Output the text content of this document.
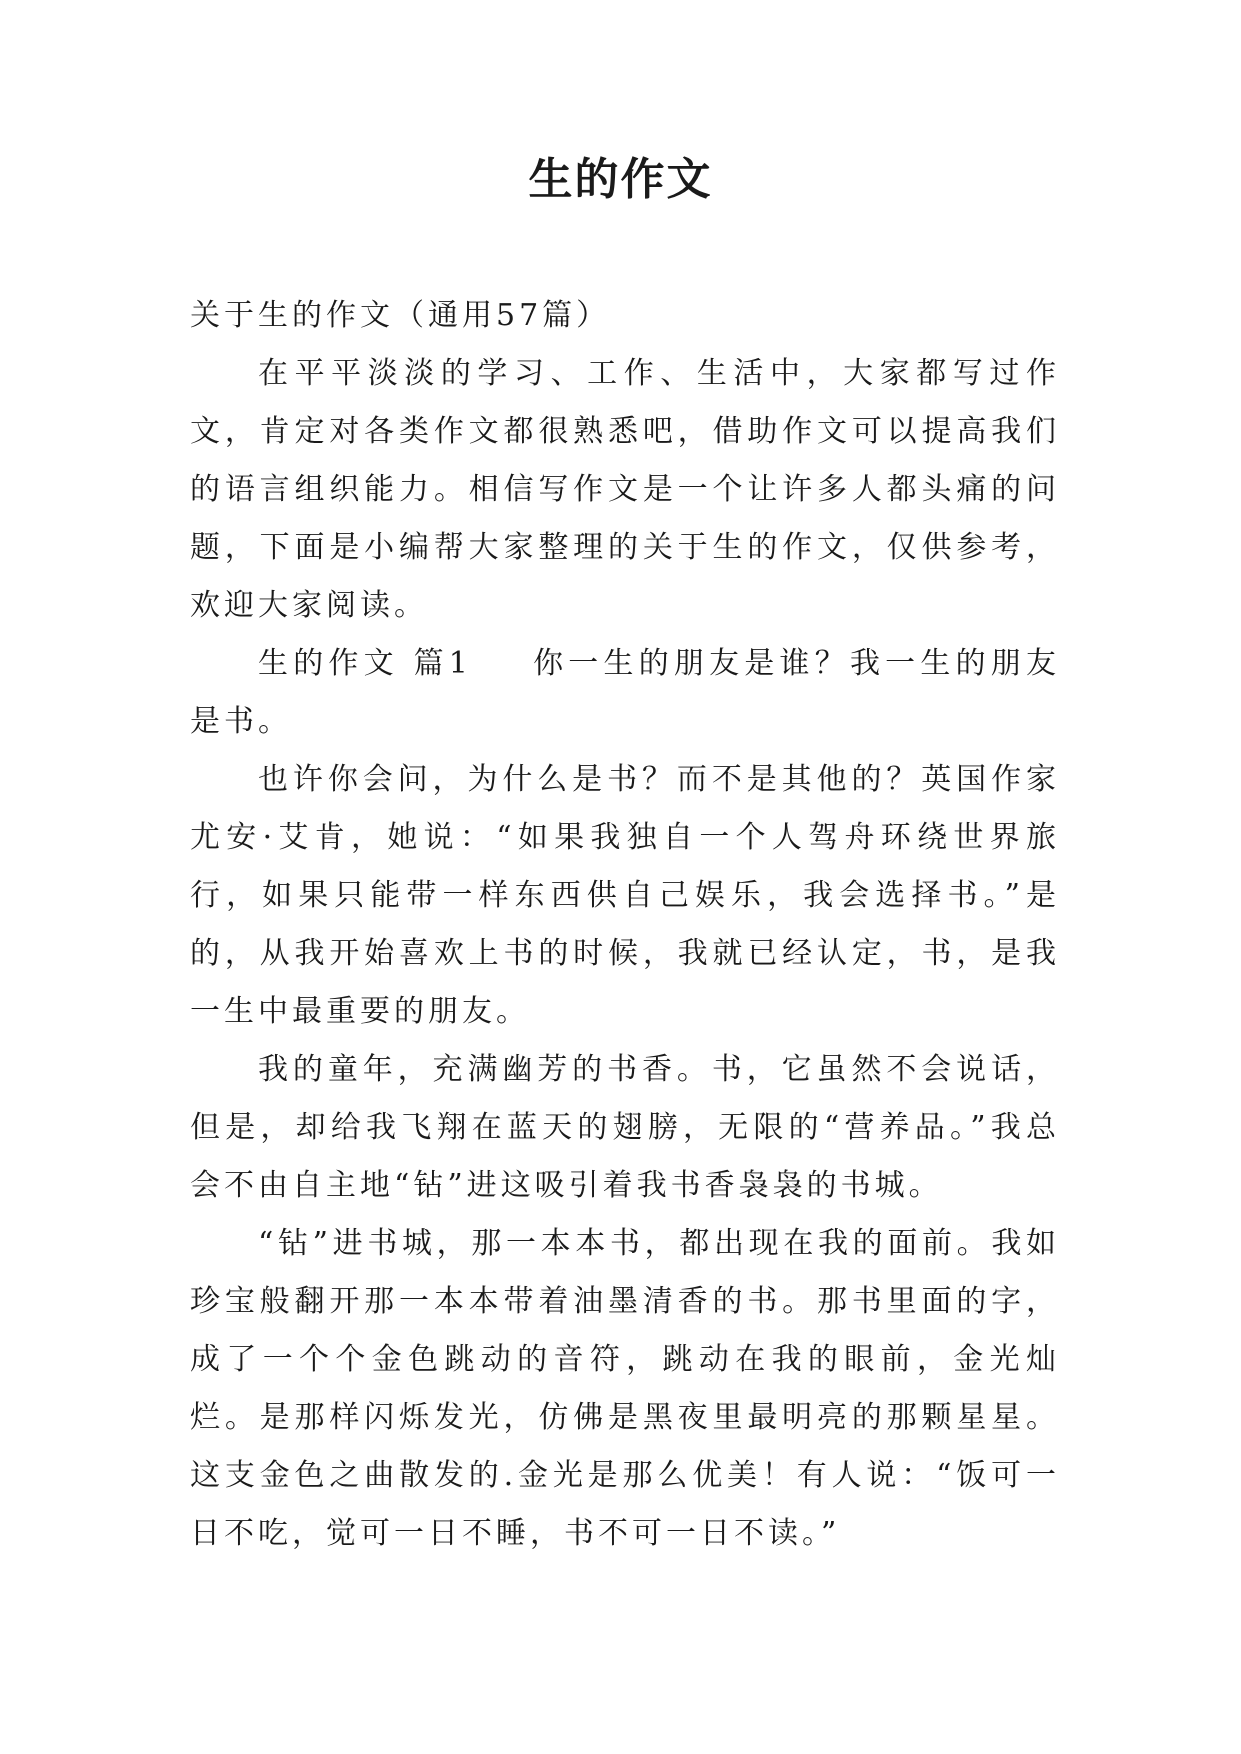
生的作文

关于生的作文（通用57篇）

在平平淡淡的学习、工作、生活中，大家都写过作文，肯定对各类作文都很熟悉吧，借助作文可以提高我们的语言组织能力。相信写作文是一个让许多人都头痛的问题，下面是小编帮大家整理的关于生的作文，仅供参考，欢迎大家阅读。

生的作文 篇1 你一生的朋友是谁？我一生的朋友是书。

也许你会问，为什么是书？而不是其他的？英国作家尤安·艾肯，她说：“如果我独自一个人驾舟环绕世界旅行，如果只能带一样东西供自己娱乐，我会选择书。”是的，从我开始喜欢上书的时候，我就已经认定，书，是我一生中最重要的朋友。

我的童年，充满幽芳的书香。书，它虽然不会说话，但是，却给我飞翔在蓝天的翅膀，无限的“营养品。”我总会不由自主地“钻”进这吸引着我书香袅袅的书城。

“钻”进书城，那一本本书，都出现在我的面前。我如珍宝般翻开那一本本带着油墨清香的书。那书里面的字，成了一个个金色跳动的音符，跳动在我的眼前，金光灿烂。是那样闪烁发光，仿佛是黑夜里最明亮的那颗星星。这支金色之曲散发的.金光是那么优美！有人说：“饭可一日不吃，觉可一日不睡，书不可一日不读。”
